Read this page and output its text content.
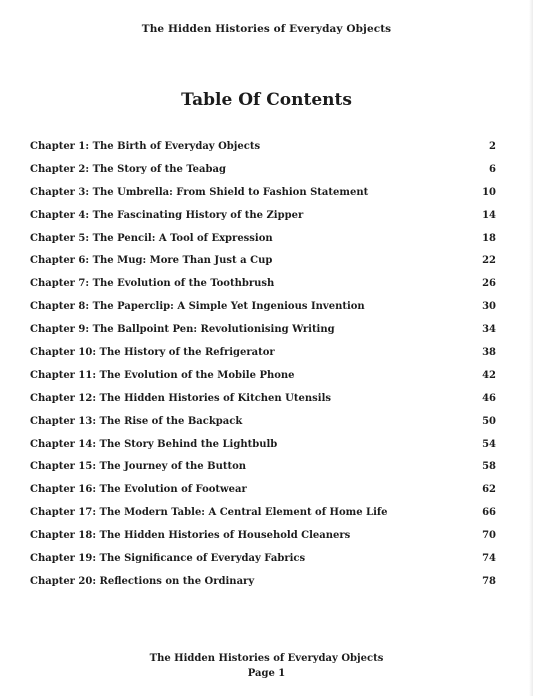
The Hidden Histories of Everyday Objects
Table Of Contents
Chapter 1: The Birth of Everyday Objects	2
Chapter 2: The Story of the Teabag	6
Chapter 3: The Umbrella: From Shield to Fashion Statement	10
Chapter 4: The Fascinating History of the Zipper	14
Chapter 5: The Pencil: A Tool of Expression	18
Chapter 6: The Mug: More Than Just a Cup	22
Chapter 7: The Evolution of the Toothbrush	26
Chapter 8: The Paperclip: A Simple Yet Ingenious Invention	30
Chapter 9: The Ballpoint Pen: Revolutionising Writing	34
Chapter 10: The History of the Refrigerator	38
Chapter 11: The Evolution of the Mobile Phone	42
Chapter 12: The Hidden Histories of Kitchen Utensils	46
Chapter 13: The Rise of the Backpack	50
Chapter 14: The Story Behind the Lightbulb	54
Chapter 15: The Journey of the Button	58
Chapter 16: The Evolution of Footwear	62
Chapter 17: The Modern Table: A Central Element of Home Life	66
Chapter 18: The Hidden Histories of Household Cleaners	70
Chapter 19: The Significance of Everyday Fabrics	74
Chapter 20: Reflections on the Ordinary	78
The Hidden Histories of Everyday Objects
Page 1
